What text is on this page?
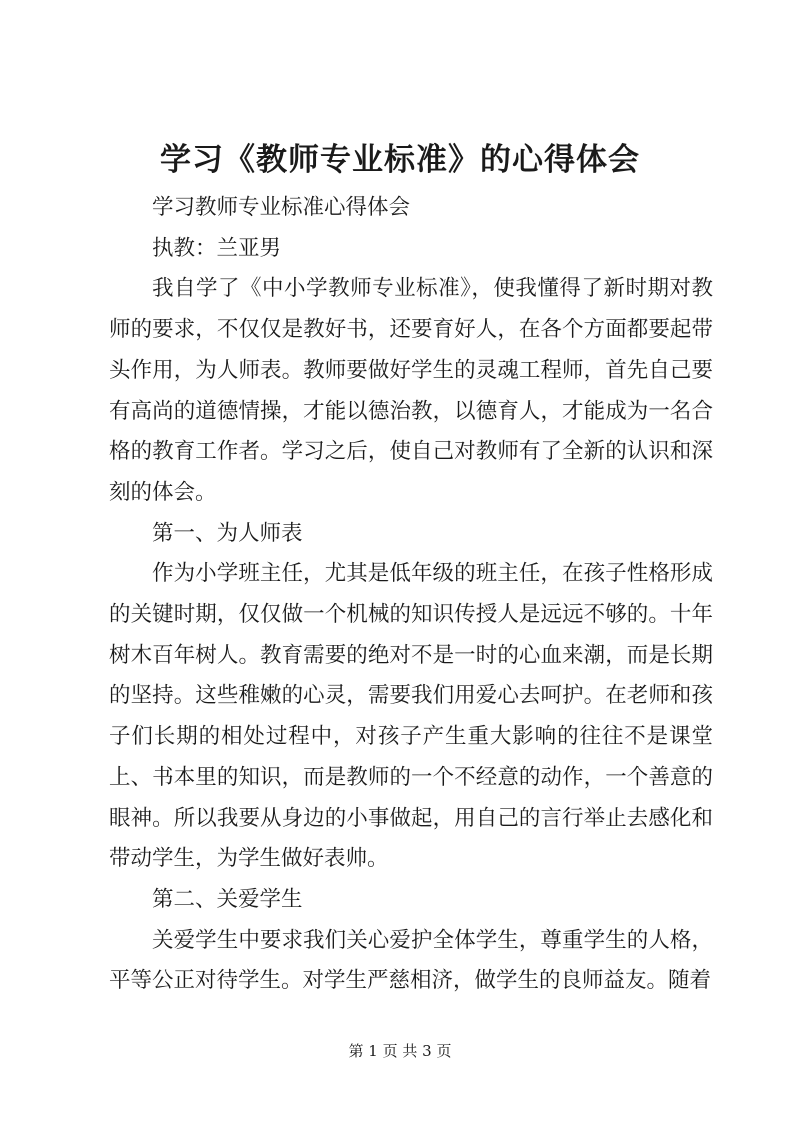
学习《教师专业标准》的心得体会

学习教师专业标准心得体会

执教：兰亚男

我自学了《中小学教师专业标准》，使我懂得了新时期对教师的要求，不仅仅是教好书，还要育好人，在各个方面都要起带头作用，为人师表。教师要做好学生的灵魂工程师，首先自己要有高尚的道德情操，才能以德治教，以德育人，才能成为一名合格的教育工作者。学习之后，使自己对教师有了全新的认识和深刻的体会。

第一、为人师表

作为小学班主任，尤其是低年级的班主任，在孩子性格形成的关键时期，仅仅做一个机械的知识传授人是远远不够的。十年树木百年树人。教育需要的绝对不是一时的心血来潮，而是长期的坚持。这些稚嫩的心灵，需要我们用爱心去呵护。在老师和孩子们长期的相处过程中，对孩子产生重大影响的往往不是课堂上、书本里的知识，而是教师的一个不经意的动作，一个善意的眼神。所以我要从身边的小事做起，用自己的言行举止去感化和带动学生，为学生做好表帅。

第二、关爱学生

关爱学生中要求我们关心爱护全体学生，尊重学生的人格，平等公正对待学生。对学生严慈相济，做学生的良师益友。随着

第 1 页 共 3 页
